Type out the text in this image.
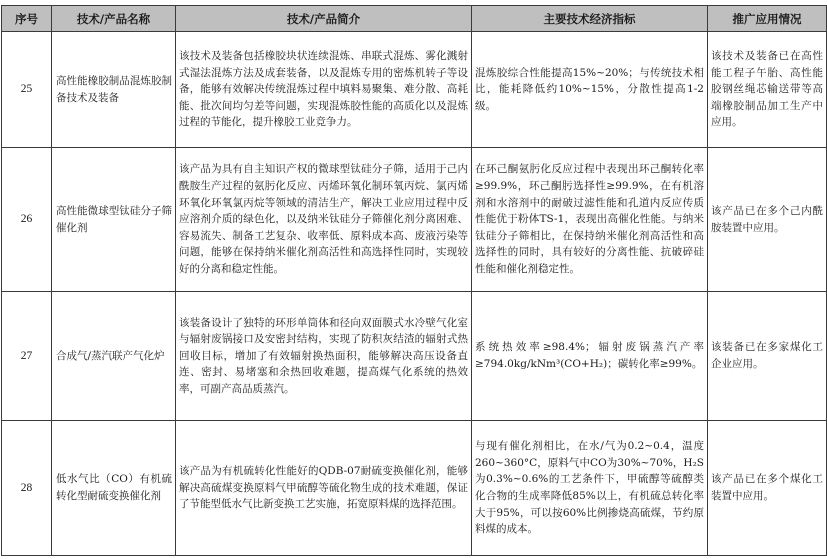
序号	技术/产品名称	技术/产品简介	主要技术经济指标	推广应用情况
25	高性能橡胶制品混炼胶制备技术及装备	该技术及装备包括橡胶块状连续混炼、串联式混炼、雾化溅射式湿法混炼方法及成套装备，以及混炼专用的密炼机转子等设备，能够有效解决传统混炼过程中填料易聚集、难分散、高耗能、批次间均匀差等问题，实现混炼胶性能的高质化以及混炼过程的节能化，提升橡胶工业竞争力。	混炼胶综合性能提高15%~20%；与传统技术相比，能耗降低约10%~15%，分散性提高1-2级。	该技术及装备已在高性能工程子午胎、高性能胶钢丝绳芯输送带等高端橡胶制品加工生产中应用。
26	高性能微球型钛硅分子筛催化剂	该产品为具有自主知识产权的微球型钛硅分子筛，适用于己内酰胺生产过程的氨肟化反应、丙烯环氧化制环氧丙烷、氯丙烯环氧化环氧氯丙烷等领域的清洁生产，解决工业应用过程中反应溶剂介质的绿色化，以及纳米钛硅分子筛催化剂分离困难、容易流失、制备工艺复杂、收率低、原料成本高、废液污染等问题，能够在保持纳米催化剂高活性和高选择性同时，实现较好的分离和稳定性能。	在环己酮氨肟化反应过程中表现出环己酮转化率≥99.9%，环己酮肟选择性≥99.9%，在有机溶剂和水溶剂中的耐破过滤性能和孔道内反应传质性能优于粉体TS-1，表现出高催化性能。与纳米钛硅分子筛相比，在保持纳米催化剂高活性和高选择性的同时，具有较好的分离性能、抗破碎硅性能和催化剂稳定性。	该产品已在多个己内酰胺装置中应用。
27	合成气/蒸汽联产气化炉	该装备设计了独特的环形单筒体和径向双面膜式水冷壁气化室与辐射废锅接口及安密封结构，实现了防积灰结渣的辐射式热回收目标，增加了有效辐射换热面积，能够解决高压设备直连、密封、易堵塞和余热回收难题，提高煤气化系统的热效率，可副产高品质蒸汽。	系统热效率≥98.4%；辐射废锅蒸汽产率≥794.0kg/kNm³(CO+H₂)；碳转化率≥99%。	该装备已在多家煤化工企业应用。
28	低水气比（CO）有机硫转化型耐硫变换催化剂	该产品为有机硫转化性能好的QDB-07耐硫变换催化剂，能够解决高硫煤变换原料气甲硫醇等硫化物生成的技术难题，保证了节能型低水气比新变换工艺实施，拓宽原料煤的选择范围。	与现有催化剂相比，在水/气为0.2~0.4，温度260~360°C，原料气中CO为30%~70%，H₂S为0.3%~0.6%的工艺条件下，甲硫醇等硫醇类化合物的生成率降低85%以上，有机硫总转化率大于95%，可以按60%比例掺烧高硫煤，节约原料煤的成本。	该产品已在多个煤化工装置中应用。
